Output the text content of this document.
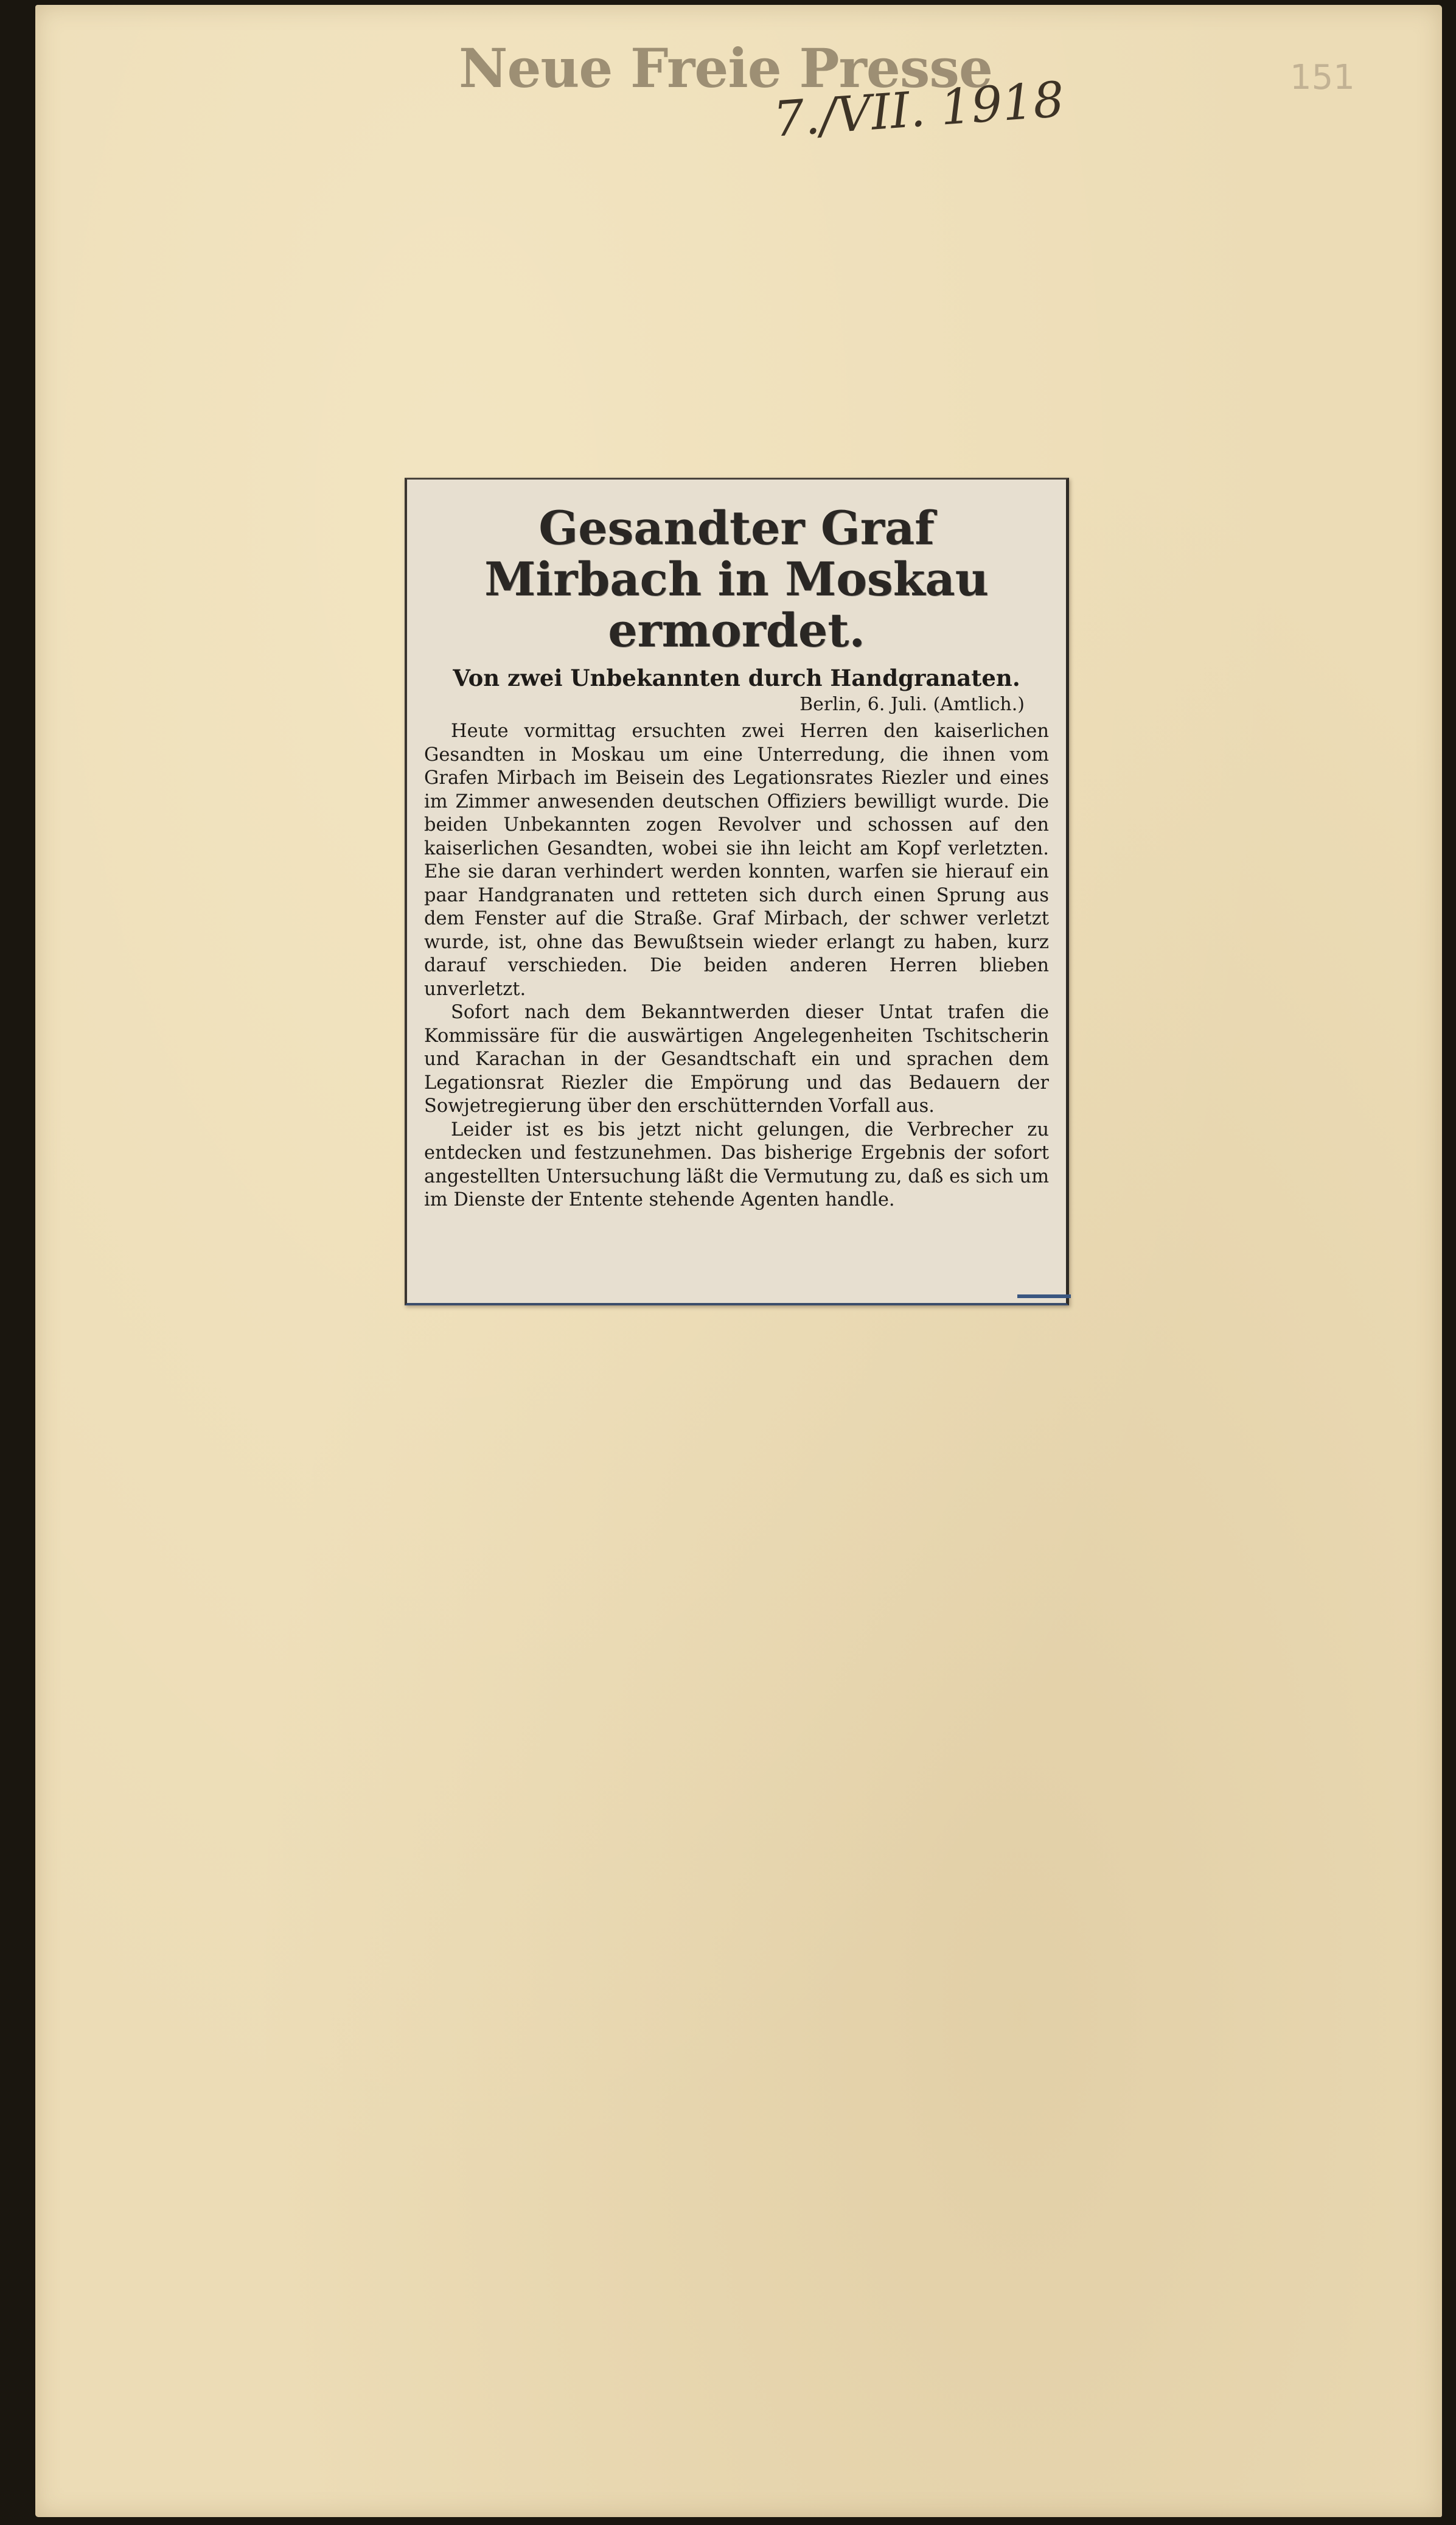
Neue Freie Presse
7./VII. 1918	151
Gesandter Graf Mirbach in Moskau ermordet.
Von zwei Unbekannten durch Handgranaten.
Berlin, 6. Juli. (Amtlich.)

Heute vormittag ersuchten zwei Herren den kaiserlichen Gesandten in Moskau um eine Unterredung, die ihnen vom Grafen Mirbach im Beisein des Legationsrates Riezler und eines im Zimmer anwesenden deutschen Offiziers bewilligt wurde. Die beiden Unbekannten zogen Revolver und schossen auf den kaiserlichen Gesandten, wobei sie ihn leicht am Kopf verletzten. Ehe sie daran verhindert werden konnten, warfen sie hierauf ein paar Handgranaten und retteten sich durch einen Sprung aus dem Fenster auf die Straße. Graf Mirbach, der schwer verletzt wurde, ist, ohne das Bewußtsein wieder erlangt zu haben, kurz darauf verschieden. Die beiden anderen Herren blieben unverletzt.

Sofort nach dem Bekanntwerden dieser Untat trafen die Kommissäre für die auswärtigen Angelegenheiten Tschitscherin und Karachan in der Gesandtschaft ein und sprachen dem Legationsrat Riezler die Empörung und das Bedauern der Sowjetregierung über den erschütternden Vorfall aus.

Leider ist es bis jetzt nicht gelungen, die Verbrecher zu entdecken und festzunehmen. Das bisherige Ergebnis der sofort angestellten Untersuchung läßt die Vermutung zu, daß es sich um im Dienste der Entente stehende Agenten handle.
